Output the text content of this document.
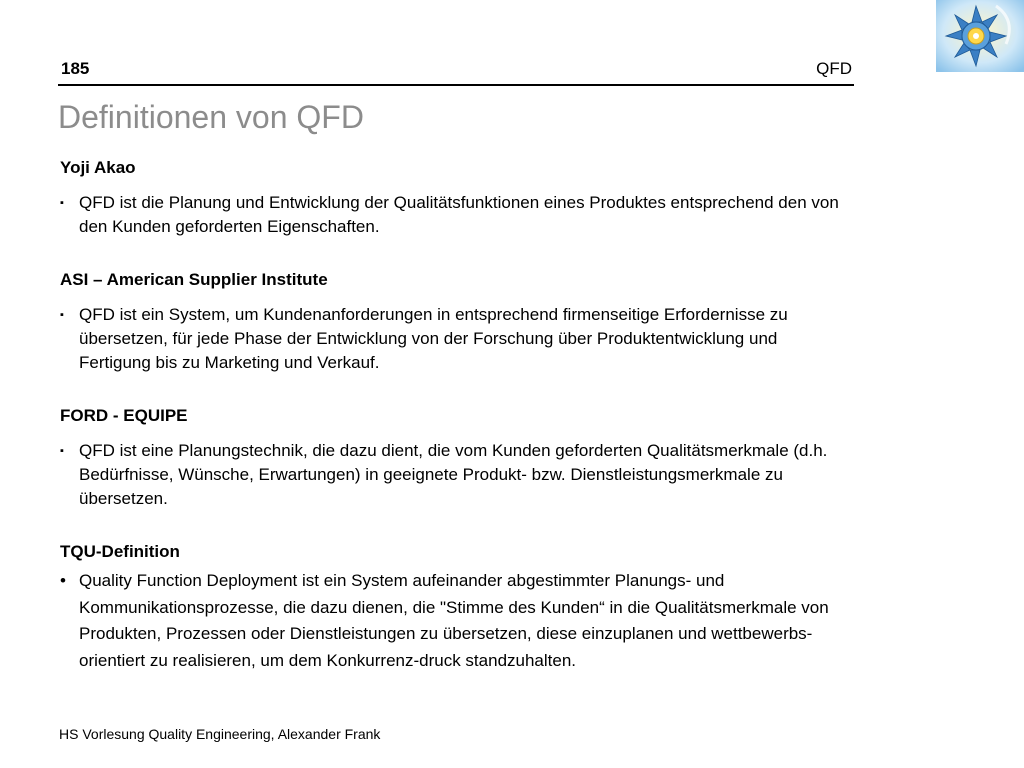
185	QFD
Definitionen von QFD
Yoji Akao
▪ QFD ist die Planung und Entwicklung der Qualitätsfunktionen eines Produktes entsprechend den von den Kunden geforderten Eigenschaften.
ASI – American Supplier Institute
▪ QFD ist ein System, um Kundenanforderungen in entsprechend firmenseitige Erfordernisse zu übersetzen, für jede Phase der Entwicklung von der Forschung über Produktentwicklung und Fertigung bis zu Marketing und Verkauf.
FORD - EQUIPE
▪ QFD ist eine Planungstechnik, die dazu dient, die vom Kunden geforderten Qualitätsmerkmale (d.h. Bedürfnisse, Wünsche, Erwartungen) in geeignete Produkt- bzw. Dienstleistungsmerkmale zu übersetzen.
TQU-Definition
• Quality Function Deployment ist ein System aufeinander abgestimmter Planungs- und Kommunikationsprozesse, die dazu dienen, die "Stimme des Kunden“ in die Qualitätsmerkmale von Produkten, Prozessen oder Dienstleistungen zu übersetzen, diese einzuplanen und wettbewerbs-orientiert zu realisieren, um dem Konkurrenz-druck standzuhalten.
HS Vorlesung Quality Engineering, Alexander Frank
